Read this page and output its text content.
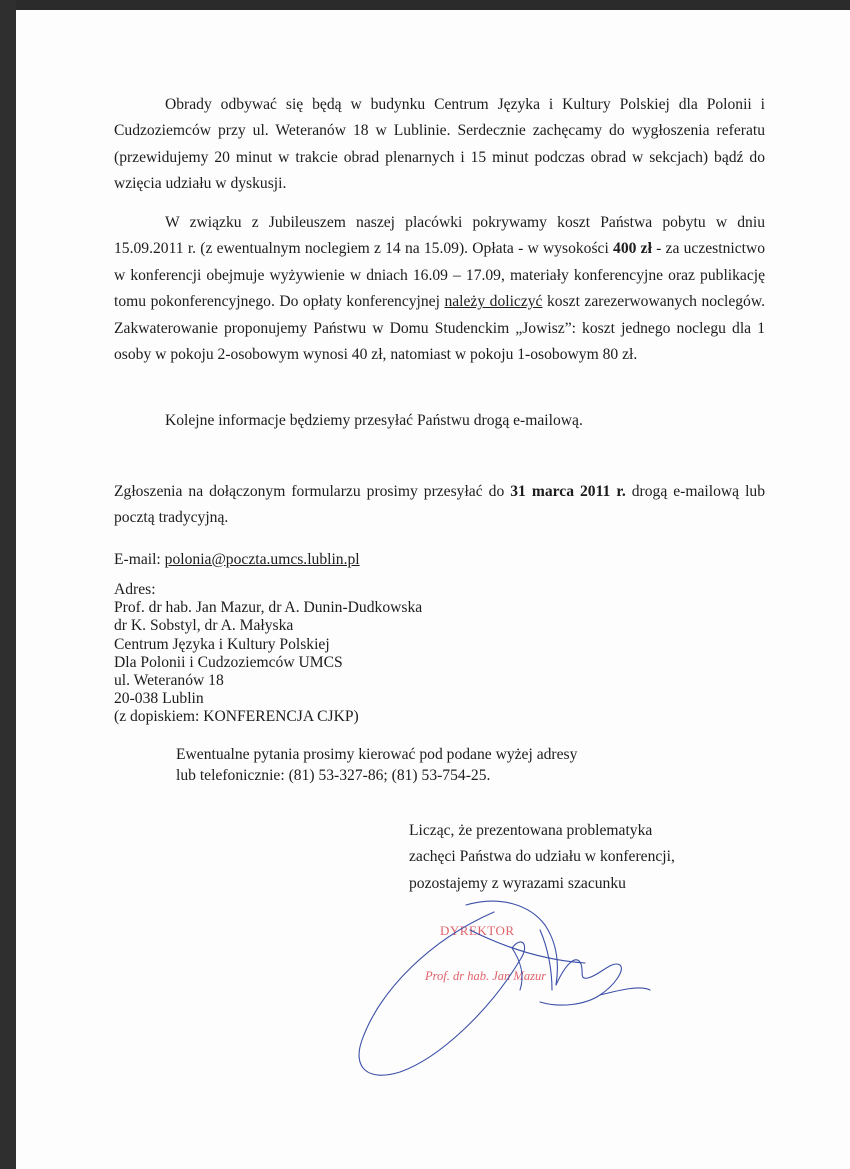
Obrady odbywać się będą w budynku Centrum Języka i Kultury Polskiej dla Polonii i Cudzoziemców przy ul. Weteranów 18 w Lublinie. Serdecznie zachęcamy do wygłoszenia referatu (przewidujemy 20 minut w trakcie obrad plenarnych i 15 minut podczas obrad w sekcjach) bądź do wzięcia udziału w dyskusji.
W związku z Jubileuszem naszej placówki pokrywamy koszt Państwa pobytu w dniu 15.09.2011 r. (z ewentualnym noclegiem z 14 na 15.09). Opłata - w wysokości 400 zł - za uczestnictwo w konferencji obejmuje wyżywienie w dniach 16.09 – 17.09, materiały konferencyjne oraz publikację tomu pokonferencyjnego. Do opłaty konferencyjnej należy doliczyć koszt zarezerwowanych noclegów. Zakwaterowanie proponujemy Państwu w Domu Studenckim „Jowisz”: koszt jednego noclegu dla 1 osoby w pokoju 2-osobowym wynosi 40 zł, natomiast w pokoju 1-osobowym 80 zł.
Kolejne informacje będziemy przesyłać Państwu drogą e-mailową.
Zgłoszenia na dołączonym formularzu prosimy przesyłać do 31 marca 2011 r. drogą e-mailową lub pocztą tradycyjną.
E-mail: polonia@poczta.umcs.lublin.pl
Adres:
Prof. dr hab. Jan Mazur, dr A. Dunin-Dudkowska
dr K. Sobstyl, dr A. Małyska
Centrum Języka i Kultury Polskiej
Dla Polonii i Cudzoziemców UMCS
ul. Weteranów 18
20-038 Lublin
(z dopiskiem: KONFERENCJA CJKP)
Ewentualne pytania prosimy kierować pod podane wyżej adresy
lub telefonicznie: (81) 53-327-86; (81) 53-754-25.
Licząc, że prezentowana problematyka
zachęci Państwa do udziału w konferencji,
pozostajemy z wyrazami szacunku
DYREKTOR
Prof. dr hab. Jan Mazur
